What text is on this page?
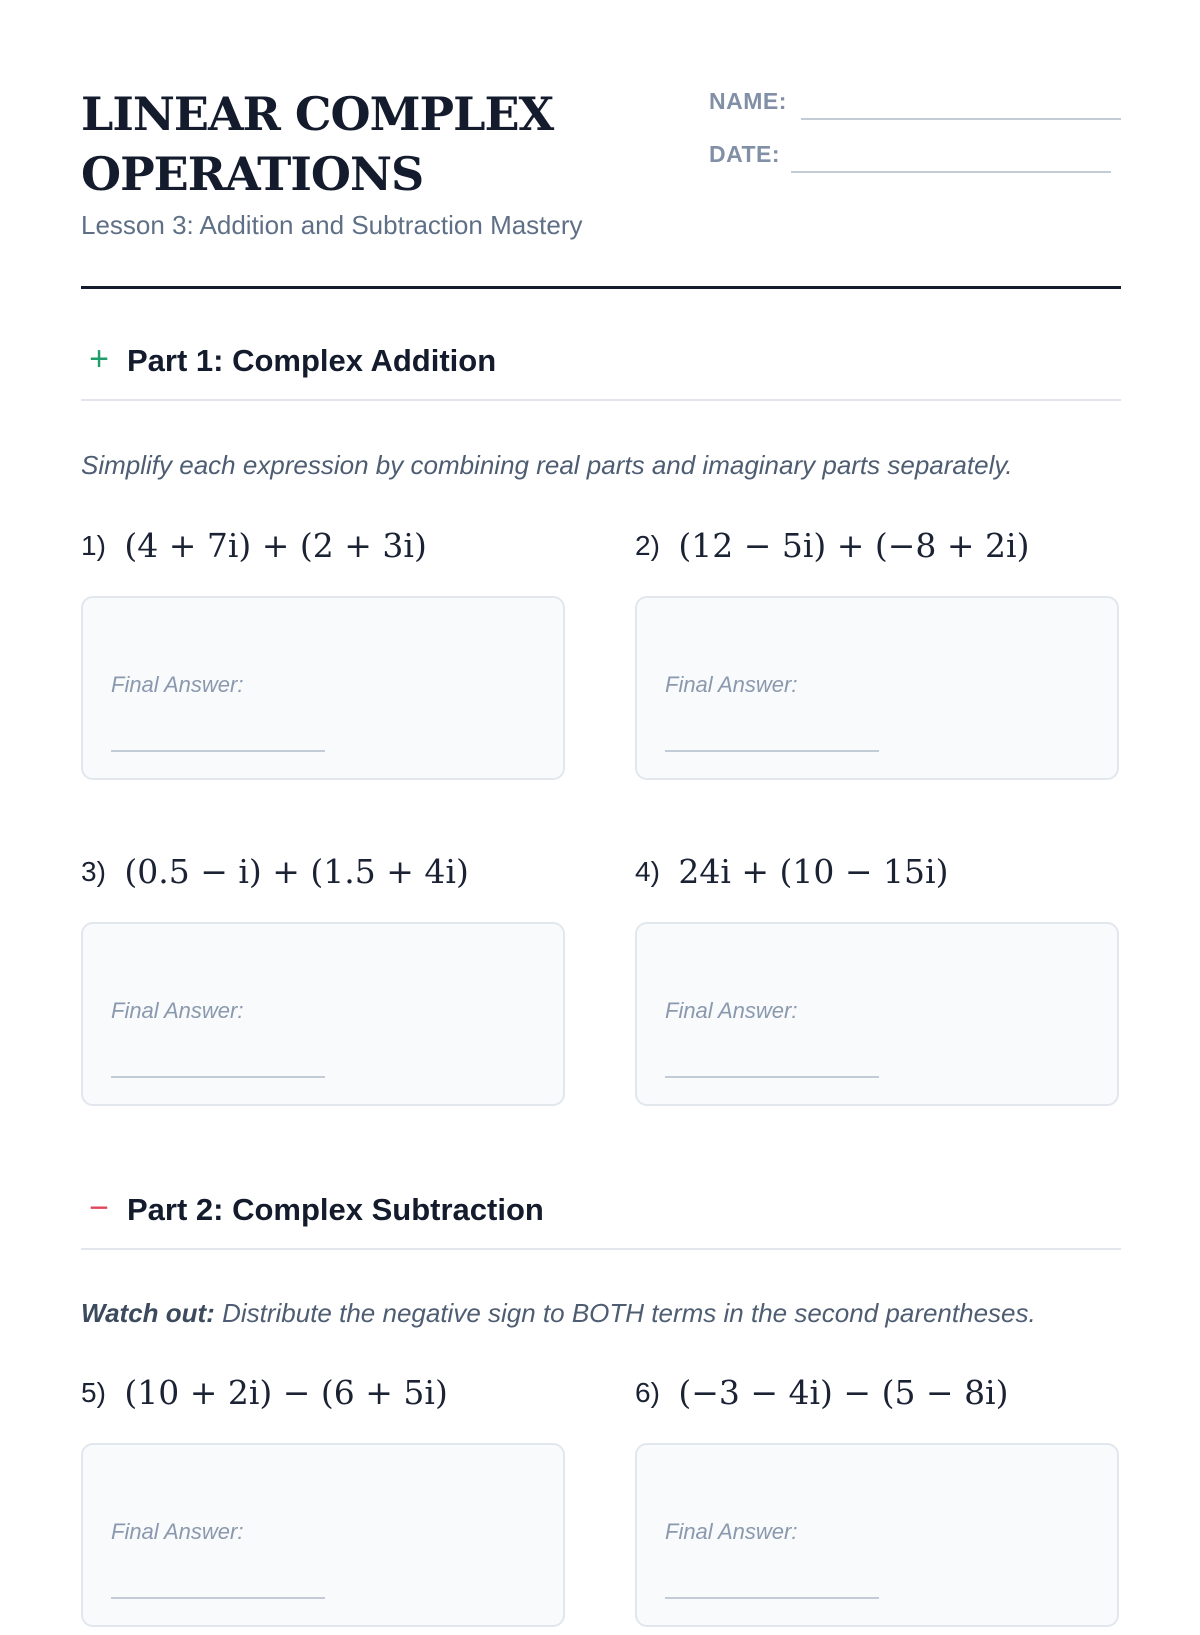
LINEAR COMPLEX OPERATIONS
Lesson 3: Addition and Subtraction Mastery
NAME:
DATE:
+ Part 1: Complex Addition
Simplify each expression by combining real parts and imaginary parts separately.
1) (4 + 7i) + (2 + 3i)
Final Answer:
2) (12 − 5i) + (−8 + 2i)
Final Answer:
3) (0.5 − i) + (1.5 + 4i)
Final Answer:
4) 24i + (10 − 15i)
Final Answer:
− Part 2: Complex Subtraction
Watch out: Distribute the negative sign to BOTH terms in the second parentheses.
5) (10 + 2i) − (6 + 5i)
Final Answer:
6) (−3 − 4i) − (5 − 8i)
Final Answer:
